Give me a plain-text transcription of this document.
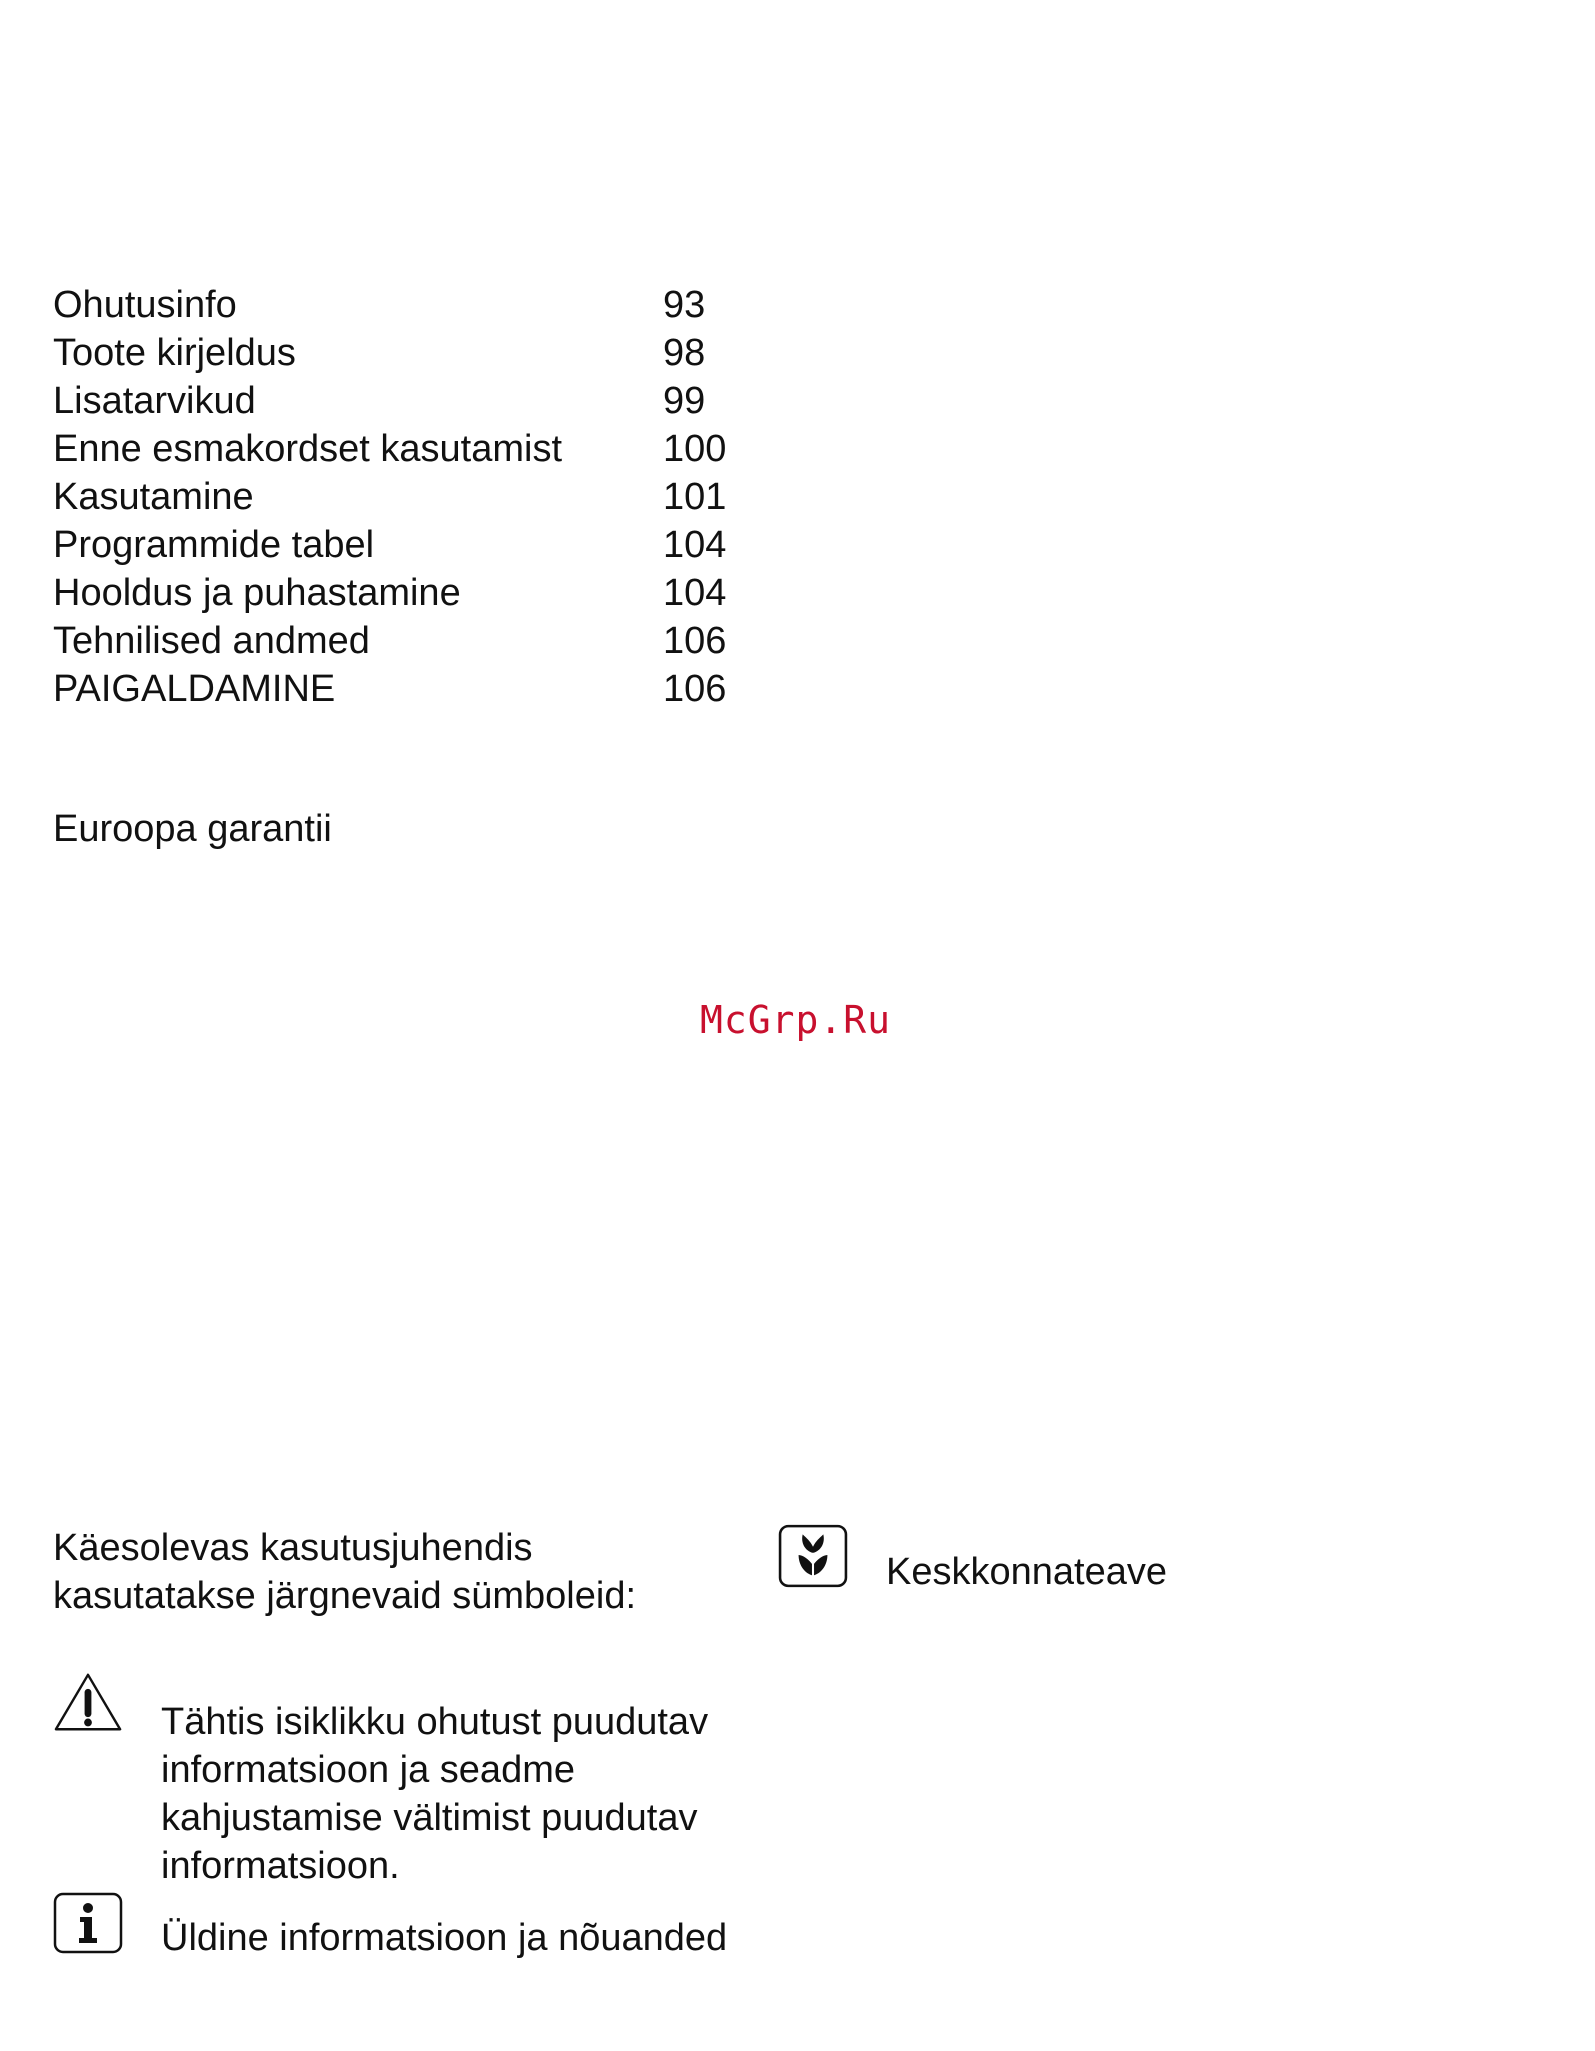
Ohutusinfo	93
Toote kirjeldus	98
Lisatarvikud	99
Enne esmakordset kasutamist	100
Kasutamine	101
Programmide tabel	104
Hooldus ja puhastamine	104
Tehnilised andmed	106
PAIGALDAMINE	106
Euroopa garantii
McGrp.Ru
Käesolevas kasutusjuhendis kasutatakse järgnevaid sümboleid:
Tähtis isiklikku ohutust puudutav informatsioon ja seadme kahjustamise vältimist puudutav informatsioon.
Üldine informatsioon ja nõuanded
Keskkonnateave
